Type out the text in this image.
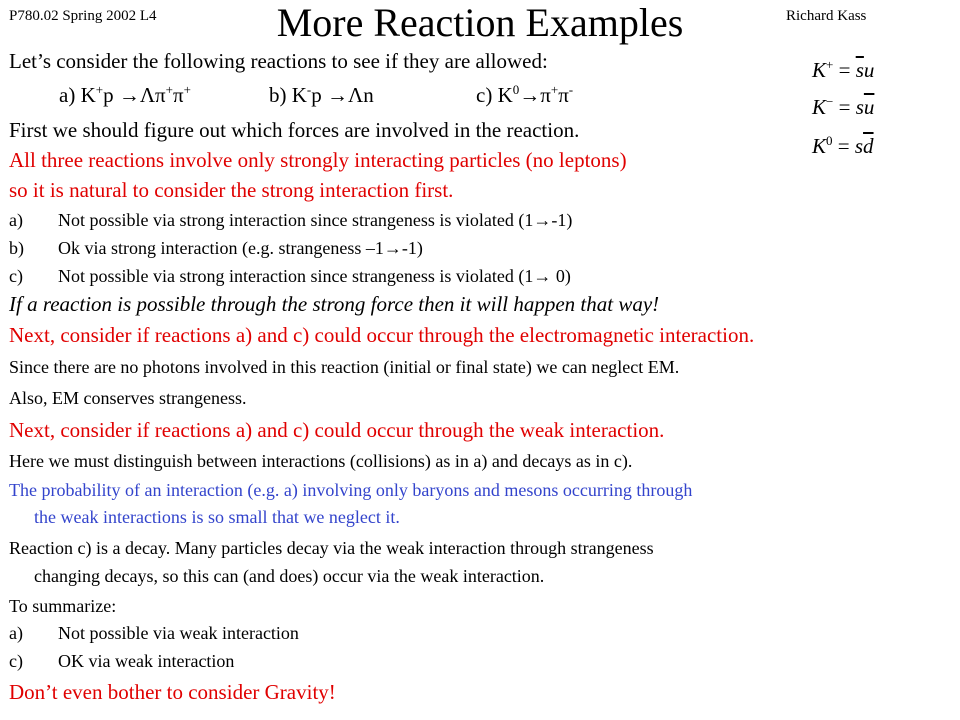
P780.02 Spring 2002 L4	Richard Kass
More Reaction Examples
Let’s consider the following reactions to see if they are allowed:
a) K+p →Λπ+π+	b) K-p →Λn	c) $K^0\to\pi^+\pi^-$
$K^+ = \overline{s}u$
$K^- = s\overline{u}$
$K^0 = s\overline{d}$
First we should figure out which forces are involved in the reaction.
All three reactions involve only strongly interacting particles (no leptons)
so it is natural to consider the strong interaction first.
a) Not possible via strong interaction since strangeness is violated (1→-1)
b) Ok via strong interaction (e.g. strangeness –1→-1)
c) Not possible via strong interaction since strangeness is violated (1→ 0)
If a reaction is possible through the strong force then it will happen that way!
Next, consider if reactions a) and c) could occur through the electromagnetic interaction.
Since there are no photons involved in this reaction (initial or final state) we can neglect EM.
Also, EM conserves strangeness.
Next, consider if reactions a) and c) could occur through the weak interaction.
Here we must distinguish between interactions (collisions) as in a) and decays as in c).
The probability of an interaction (e.g. a) involving only baryons and mesons occurring through
the weak interactions is so small that we neglect it.
Reaction c) is a decay. Many particles decay via the weak interaction through strangeness
changing decays, so this can (and does) occur via the weak interaction.
To summarize:
a) Not possible via weak interaction
c) OK via weak interaction
Don’t even bother to consider Gravity!
